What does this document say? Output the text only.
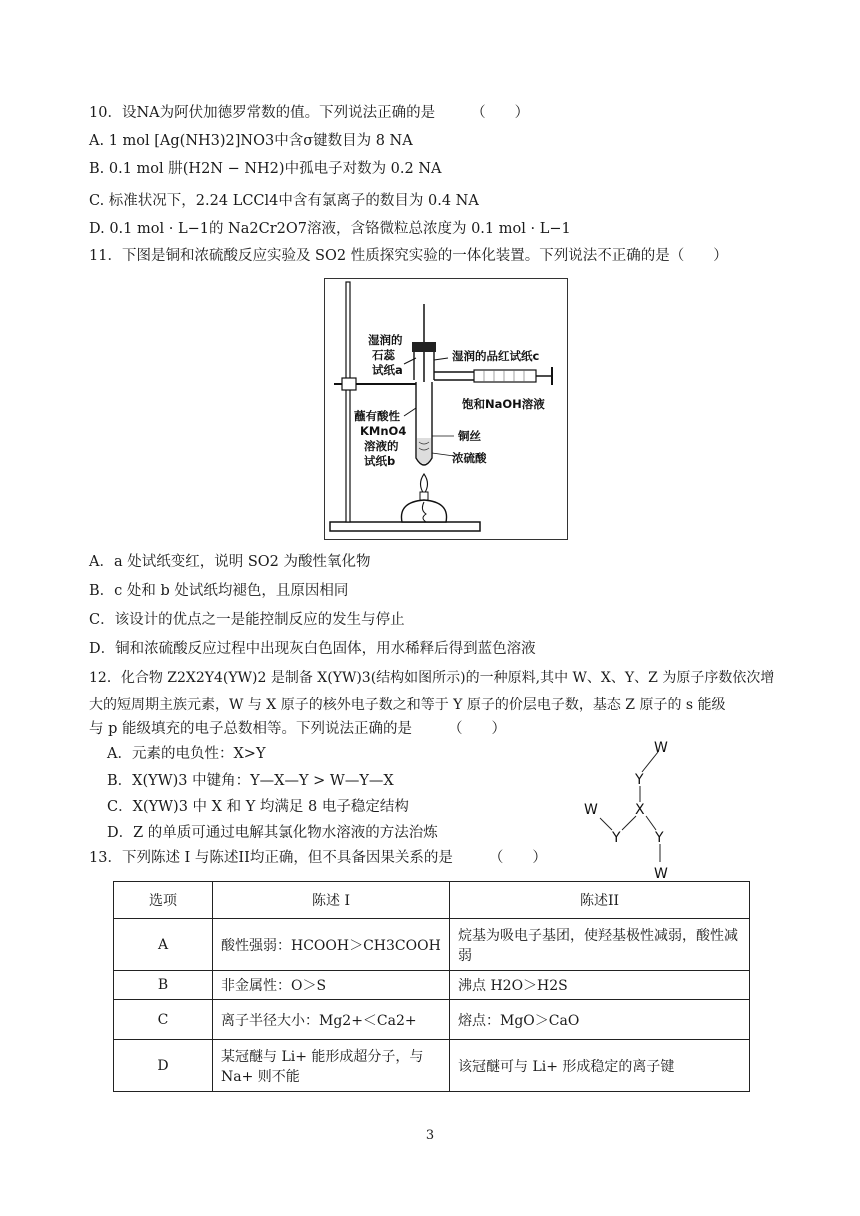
10．设NA为阿伏加德罗常数的值。下列说法正确的是 （　　）
A. 1 mol [Ag(NH3)2]NO3中含σ键数目为 8 NA
B. 0.1 mol 肼(H2N − NH2)中孤电子对数为 0.2 NA
C. 标准状况下，2.24 LCCl4中含有氯离子的数目为 0.4 NA
D. 0.1 mol · L−1的 Na2Cr2O7溶液，含铬微粒总浓度为 0.1 mol · L−1
11．下图是铜和浓硫酸反应实验及 SO2 性质探究实验的一体化装置。下列说法不正确的是（　　）
湿润的
石蕊
试纸a
湿润的品红试纸c
饱和NaOH溶液
蘸有酸性
KMnO4
溶液的
试纸b
铜丝
浓硫酸
A．a 处试纸变红，说明 SO2 为酸性氧化物
B．c 处和 b 处试纸均褪色，且原因相同
C．该设计的优点之一是能控制反应的发生与停止
D．铜和浓硫酸反应过程中出现灰白色固体，用水稀释后得到蓝色溶液
12．化合物 Z2X2Y4(YW)2 是制备 X(YW)3(结构如图所示)的一种原料,其中 W、X、Y、Z 为原子序数依次增
大的短周期主族元素，W 与 X 原子的核外电子数之和等于 Y 原子的价层电子数，基态 Z 原子的 s 能级
与 p 能级填充的电子总数相等。下列说法正确的是 （　　）
A．元素的电负性：X>Y
B．X(YW)3 中键角：Y—X—Y > W—Y—X
C．X(YW)3 中 X 和 Y 均满足 8 电子稳定结构
D．Z 的单质可通过电解其氯化物水溶液的方法治炼
W
Y
X
W
Y Y
W
13．下列陈述 I 与陈述II均正确，但不具备因果关系的是 （　　）
选项	陈述 I	陈述II
A	酸性强弱：HCOOH＞CH3COOH	烷基为吸电子基团，使羟基极性减弱，酸性减弱
B	非金属性：O＞S	沸点 H2O＞H2S
C	离子半径大小：Mg2+＜Ca2+	熔点：MgO＞CaO
D	某冠醚与 Li+ 能形成超分子，与 Na+ 则不能	该冠醚可与 Li+ 形成稳定的离子键
3
